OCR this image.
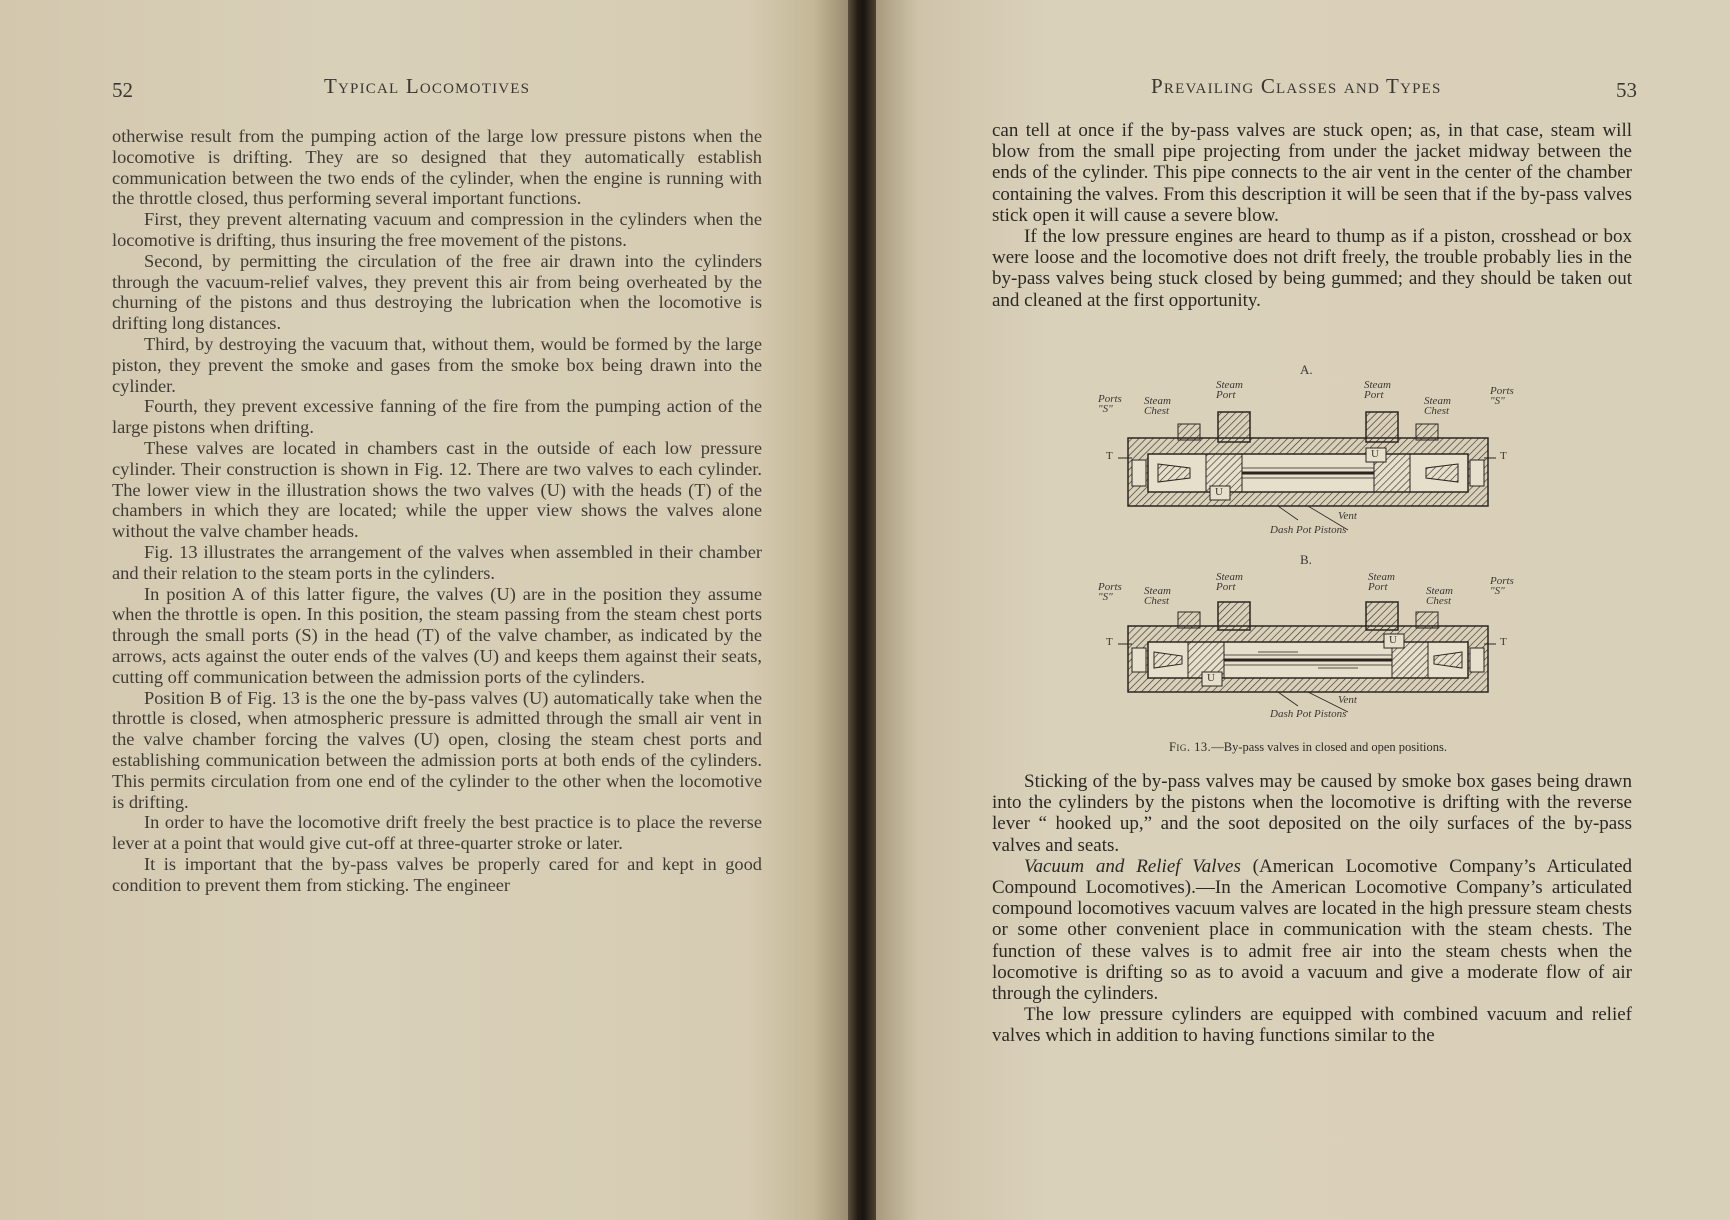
52	Typical Locomotives

otherwise result from the pumping action of the large low pressure pistons when the locomotive is drifting. They are so designed that they automatically establish communication between the two ends of the cylinder, when the engine is running with the throttle closed, thus performing several important functions.

First, they prevent alternating vacuum and compression in the cylinders when the locomotive is drifting, thus insuring the free movement of the pistons.

Second, by permitting the circulation of the free air drawn into the cylinders through the vacuum-relief valves, they prevent this air from being overheated by the churning of the pistons and thus destroying the lubrication when the locomotive is drifting long distances.

Third, by destroying the vacuum that, without them, would be formed by the large piston, they prevent the smoke and gases from the smoke box being drawn into the cylinder.

Fourth, they prevent excessive fanning of the fire from the pumping action of the large pistons when drifting.

These valves are located in chambers cast in the outside of each low pressure cylinder. Their construction is shown in Fig. 12. There are two valves to each cylinder. The lower view in the illustration shows the two valves (U) with the heads (T) of the chambers in which they are located; while the upper view shows the valves alone without the valve chamber heads.

Fig. 13 illustrates the arrangement of the valves when assembled in their chamber and their relation to the steam ports in the cylinders.

In position A of this latter figure, the valves (U) are in the position they assume when the throttle is open. In this position, the steam passing from the steam chest ports through the small ports (S) in the head (T) of the valve chamber, as indicated by the arrows, acts against the outer ends of the valves (U) and keeps them against their seats, cutting off communication between the admission ports of the cylinders.

Position B of Fig. 13 is the one the by-pass valves (U) automatically take when the throttle is closed, when atmospheric pressure is admitted through the small air vent in the valve chamber forcing the valves (U) open, closing the steam chest ports and establishing communication between the admission ports at both ends of the cylinders. This permits circulation from one end of the cylinder to the other when the locomotive is drifting.

In order to have the locomotive drift freely the best practice is to place the reverse lever at a point that would give cut-off at three-quarter stroke or later.

It is important that the by-pass valves be properly cared for and kept in good condition to prevent them from sticking. The engineer

Prevailing Classes and Types	53

can tell at once if the by-pass valves are stuck open; as, in that case, steam will blow from the small pipe projecting from under the jacket midway between the ends of the cylinder. This pipe connects to the air vent in the center of the chamber containing the valves. From this description it will be seen that if the by-pass valves stick open it will cause a severe blow.

If the low pressure engines are heard to thump as if a piston, crosshead or box were loose and the locomotive does not drift freely, the trouble probably lies in the by-pass valves being stuck closed by being gummed; and they should be taken out and cleaned at the first opportunity.

A.
Ports
"S"
Steam
Chest
Steam
Port
Steam
Port	Steam
Chest
Ports
"S"
T	T
U
U
Vent
Dash Pot Pistons
B.
Ports
"S"	Steam
Chest
Steam
Port
Steam
Port	Steam
Chest
Ports
"S"
T	T
U
U
Vent
Dash Pot Pistons
Fig. 13.—By-pass valves in closed and open positions.

Sticking of the by-pass valves may be caused by smoke box gases being drawn into the cylinders by the pistons when the locomotive is drifting with the reverse lever “ hooked up,” and the soot deposited on the oily surfaces of the by-pass valves and seats.

Vacuum and Relief Valves (American Locomotive Company’s Articulated Compound Locomotives).—In the American Locomotive Company’s articulated compound locomotives vacuum valves are located in the high pressure steam chests or some other convenient place in communication with the steam chests. The function of these valves is to admit free air into the steam chests when the locomotive is drifting so as to avoid a vacuum and give a moderate flow of air through the cylinders.

The low pressure cylinders are equipped with combined vacuum and relief valves which in addition to having functions similar to the
